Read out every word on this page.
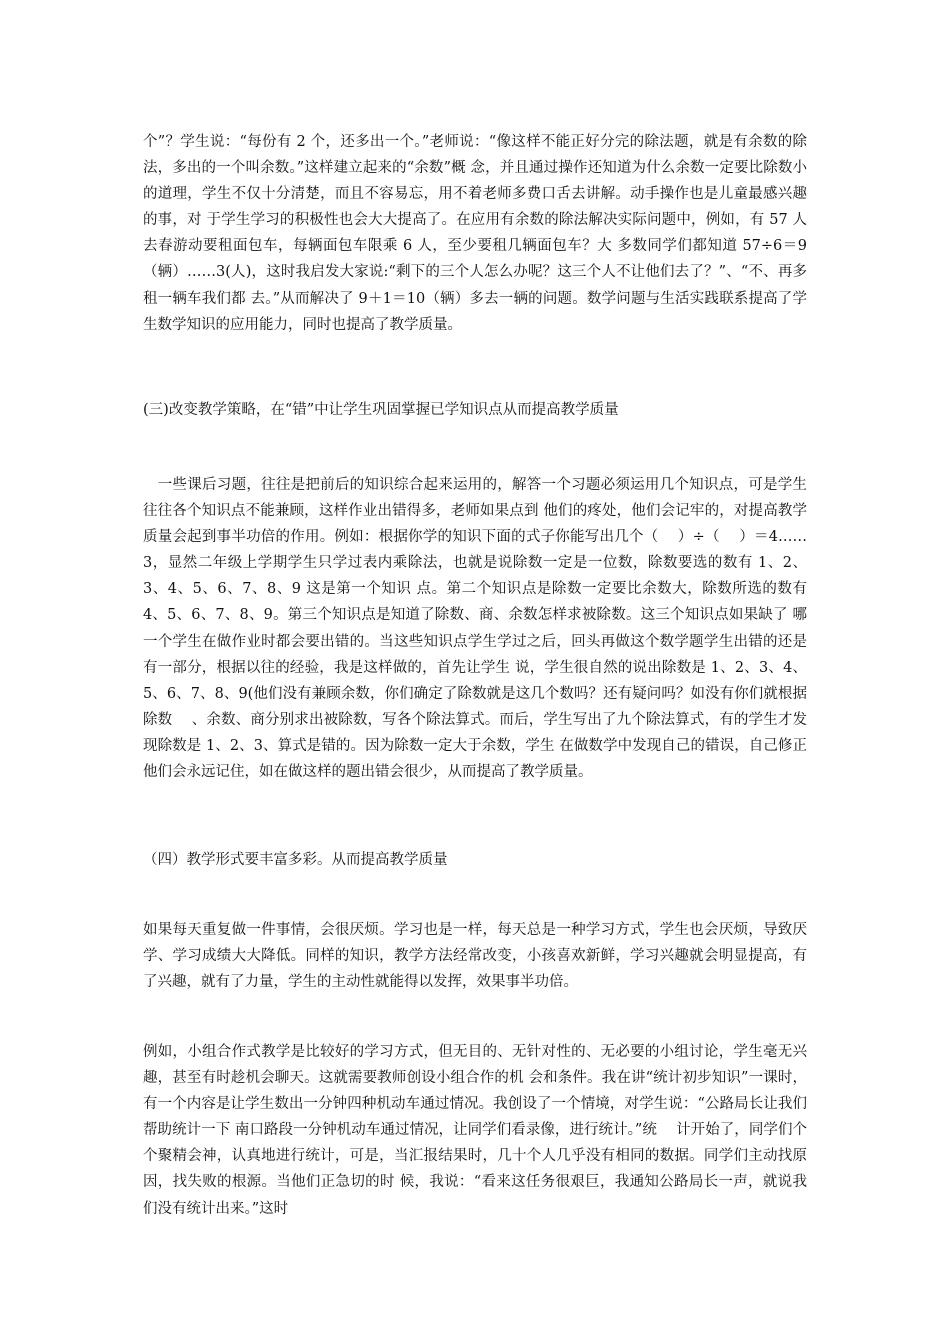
个”？学生说：“每份有 2 个，还多出一个。”老师说：“像这样不能正好分完的除法题，就是有余数的除法，多出的一个叫余数。”这样建立起来的“余数”概 念，并且通过操作还知道为什么余数一定要比除数小的道理，学生不仅十分清楚，而且不容易忘，用不着老师多费口舌去讲解。动手操作也是儿童最感兴趣的事，对 于学生学习的积极性也会大大提高了。在应用有余数的除法解决实际问题中，例如，有 57 人去春游动要租面包车，每辆面包车限乘 6 人，至少要租几辆面包车？大 多数同学们都知道 57÷6＝9（辆）……3(人)，这时我启发大家说:“剩下的三个人怎么办呢？这三个人不让他们去了？”、“不、再多租一辆车我们都 去。”从而解决了 9＋1＝10（辆）多去一辆的问题。数学问题与生活实践联系提高了学生数学知识的应用能力，同时也提高了教学质量。

(三)改变教学策略，在“错”中让学生巩固掌握已学知识点从而提高教学质量

　一些课后习题，往往是把前后的知识综合起来运用的，解答一个习题必须运用几个知识点，可是学生往往各个知识点不能兼顾，这样作业出错得多，老师如果点到 他们的疼处，他们会记牢的，对提高教学质量会起到事半功倍的作用。例如：根据你学的知识下面的式子你能写出几个（　 ）÷（　 ）＝4……3，显然二年级上学期学生只学过表内乘除法，也就是说除数一定是一位数，除数要选的数有 1、2、3、4、5、6、7、8、9 这是第一个知识 点。第二个知识点是除数一定要比余数大，除数所选的数有 4、5、6、7、8、9。第三个知识点是知道了除数、商、余数怎样求被除数。这三个知识点如果缺了 哪一个学生在做作业时都会要出错的。当这些知识点学生学过之后，回头再做这个数学题学生出错的还是有一部分，根据以往的经验，我是这样做的，首先让学生 说，学生很自然的说出除数是 1、2、3、4、5、6、7、8、9(他们没有兼顾余数，你们确定了除数就是这几个数吗？还有疑问吗？如没有你们就根据除数　 、余数、商分别求出被除数，写各个除法算式。而后，学生写出了九个除法算式，有的学生才发现除数是 1、2、3、算式是错的。因为除数一定大于余数，学生 在做数学中发现自己的错误，自己修正他们会永远记住，如在做这样的题出错会很少，从而提高了教学质量。

（四）教学形式要丰富多彩。从而提高教学质量

如果每天重复做一件事情，会很厌烦。学习也是一样，每天总是一种学习方式，学生也会厌烦，导致厌学、学习成绩大大降低。同样的知识，教学方法经常改变，小孩喜欢新鲜，学习兴趣就会明显提高，有了兴趣，就有了力量，学生的主动性就能得以发挥，效果事半功倍。

例如，小组合作式教学是比较好的学习方式，但无目的、无针对性的、无必要的小组讨论，学生毫无兴趣，甚至有时趁机会聊天。这就需要教师创设小组合作的机 会和条件。我在讲“统计初步知识”一课时，有一个内容是让学生数出一分钟四种机动车通过情况。我创设了一个情境，对学生说：“公路局长让我们帮助统计一下 南口路段一分钟机动车通过情况，让同学们看录像，进行统计。”统　 计开始了，同学们个个聚精会神，认真地进行统计，可是，当汇报结果时，几十个人几乎没有相同的数据。同学们主动找原因，找失败的根源。当他们正急切的时 候，我说：“看来这任务很艰巨，我通知公路局长一声，就说我们没有统计出来。”这时
